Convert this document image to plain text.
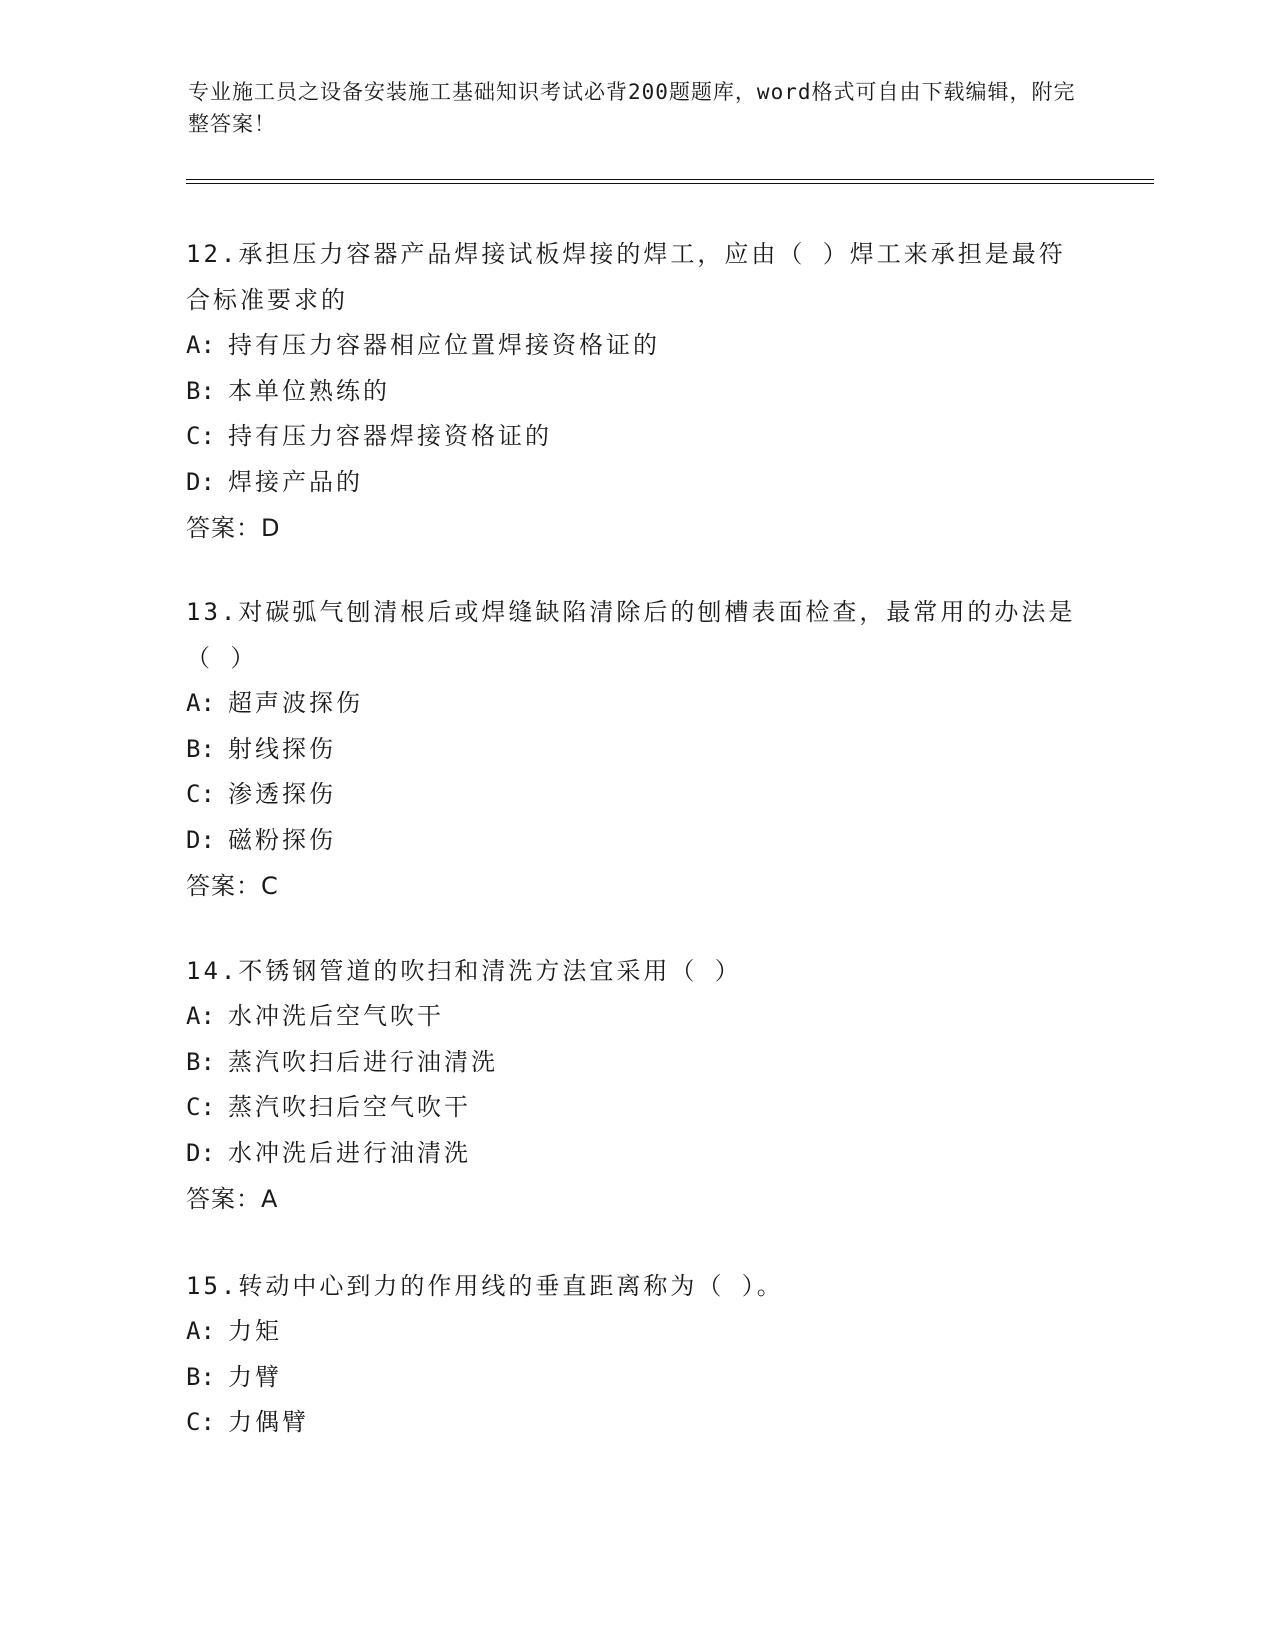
专业施工员之设备安装施工基础知识考试必背200题题库，word格式可自由下载编辑，附完整答案！
12.承担压力容器产品焊接试板焊接的焊工，应由（ ）焊工来承担是最符合标准要求的
A: 持有压力容器相应位置焊接资格证的
B: 本单位熟练的
C: 持有压力容器焊接资格证的
D: 焊接产品的
答案：D
13.对碳弧气刨清根后或焊缝缺陷清除后的刨槽表面检查，最常用的办法是（ ）
A: 超声波探伤
B: 射线探伤
C: 渗透探伤
D: 磁粉探伤
答案：C
14.不锈钢管道的吹扫和清洗方法宜采用（ ）
A: 水冲洗后空气吹干
B: 蒸汽吹扫后进行油清洗
C: 蒸汽吹扫后空气吹干
D: 水冲洗后进行油清洗
答案：A
15.转动中心到力的作用线的垂直距离称为（ ）。
A: 力矩
B: 力臂
C: 力偶臂
